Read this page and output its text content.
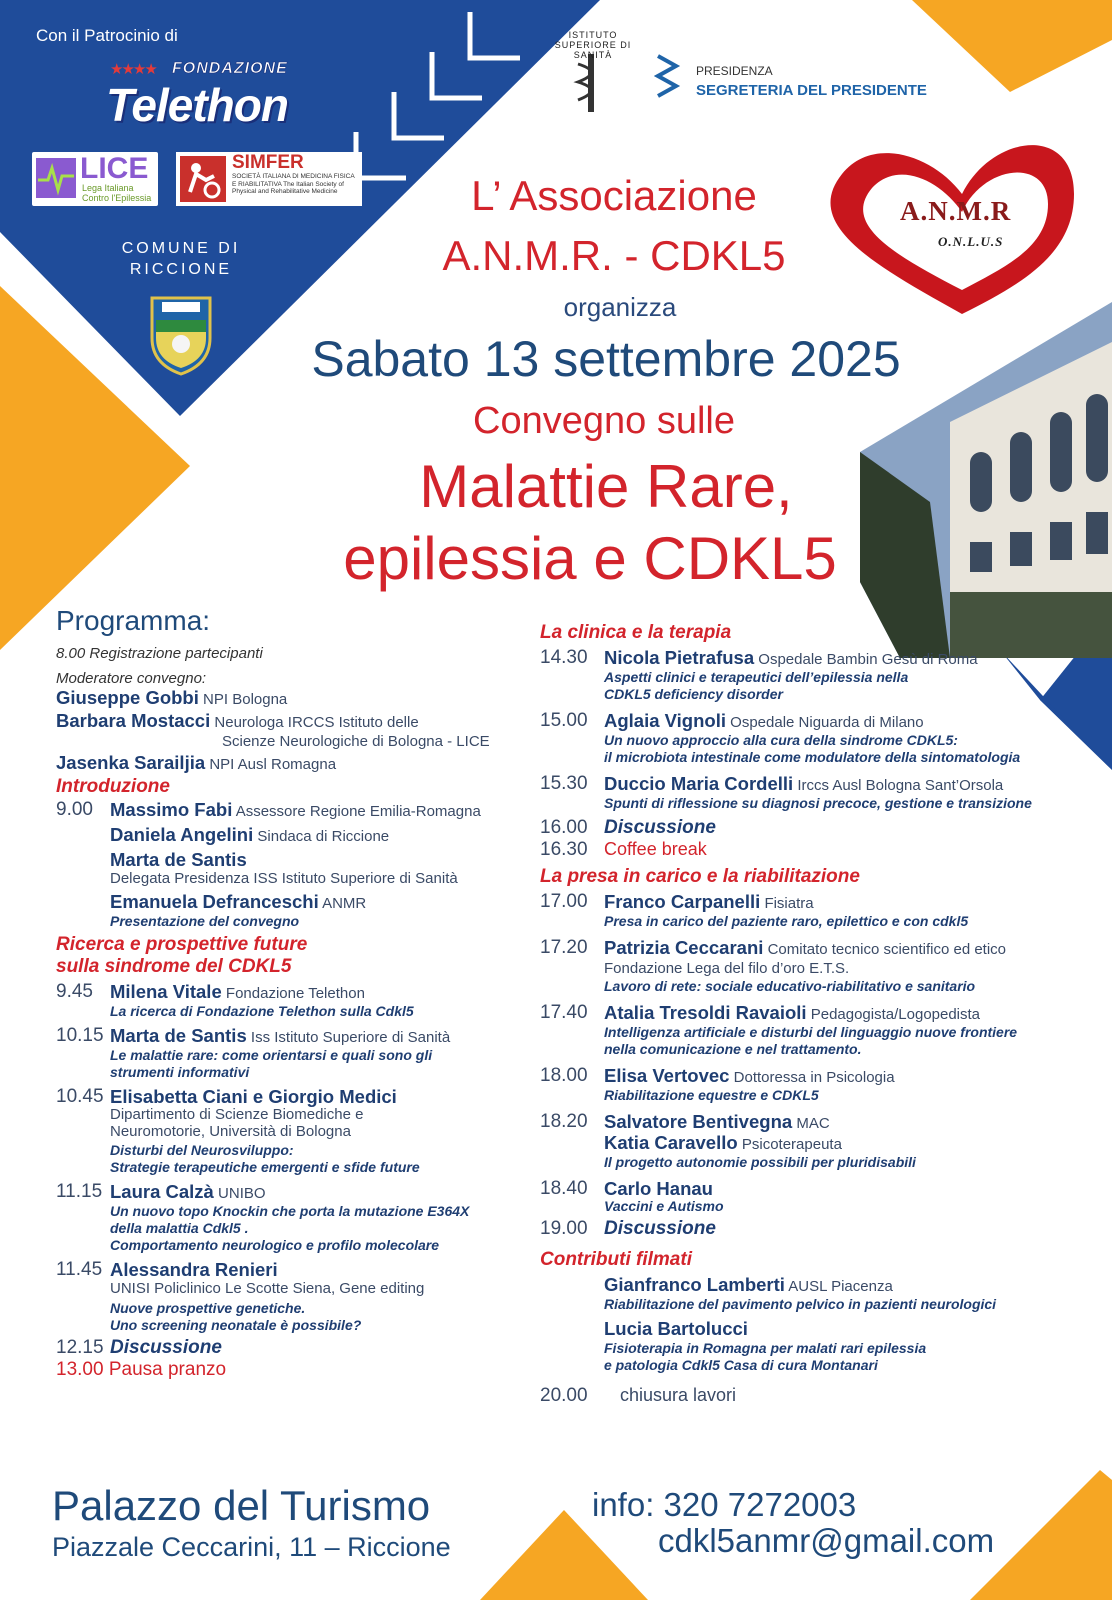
Con il Patrocinio di
★★★★ FONDAZIONE
Telethon
LICE
Lega Italiana Contro l'Epilessia
SIMFER
SOCIETÀ ITALIANA DI MEDICINA FISICA E RIABILITATIVA The Italian Society of Physical and Rehabilitative Medicine
COMUNE DI
RICCIONE
ISTITUTO SUPERIORE DI SANITÀ
PRESIDENZA
SEGRETERIA DEL PRESIDENTE
A.N.M.R
O.N.L.U.S
L’ Associazione
A.N.M.R. - CDKL5
organizza
Sabato 13 settembre 2025
Convegno sulle
Malattie Rare,
epilessia e CDKL5
Programma:
8.00 Registrazione partecipanti
Moderatore convegno:
Giuseppe Gobbi NPI Bologna
Barbara Mostacci Neurologa IRCCS Istituto delle
Scienze Neurologiche di Bologna - LICE
Jasenka Sarailjia NPI Ausl Romagna
Introduzione
9.00 Massimo Fabi Assessore Regione Emilia-Romagna
Daniela Angelini Sindaca di Riccione
Marta de Santis
Delegata Presidenza ISS Istituto Superiore di Sanità
Emanuela Defranceschi ANMR
Presentazione del convegno
Ricerca e prospettive future
sulla sindrome del CDKL5
9.45 Milena Vitale Fondazione Telethon
La ricerca di Fondazione Telethon sulla Cdkl5
10.15 Marta de Santis Iss Istituto Superiore di Sanità
Le malattie rare: come orientarsi e quali sono gli
strumenti informativi
10.45 Elisabetta Ciani e Giorgio Medici
Dipartimento di Scienze Biomediche e
Neuromotorie, Università di Bologna
Disturbi del Neurosviluppo:
Strategie terapeutiche emergenti e sfide future
11.15 Laura Calzà UNIBO
Un nuovo topo Knockin che porta la mutazione E364X
della malattia Cdkl5 .
Comportamento neurologico e profilo molecolare
11.45 Alessandra Renieri
UNISI Policlinico Le Scotte Siena, Gene editing
Nuove prospettive genetiche.
Uno screening neonatale è possibile?
12.15 Discussione
13.00 Pausa pranzo
La clinica e la terapia
14.30 Nicola Pietrafusa Ospedale Bambin Gesù di Roma
Aspetti clinici e terapeutici dell’epilessia nella
CDKL5 deficiency disorder
15.00 Aglaia Vignoli Ospedale Niguarda di Milano
Un nuovo approccio alla cura della sindrome CDKL5:
il microbiota intestinale come modulatore della sintomatologia
15.30 Duccio Maria Cordelli Irccs Ausl Bologna Sant’Orsola
Spunti di riflessione su diagnosi precoce, gestione e transizione
16.00 Discussione
16.30 Coffee break
La presa in carico e la riabilitazione
17.00 Franco Carpanelli Fisiatra
Presa in carico del paziente raro, epilettico e con cdkl5
17.20 Patrizia Ceccarani Comitato tecnico scientifico ed etico
Fondazione Lega del filo d’oro E.T.S.
Lavoro di rete: sociale educativo-riabilitativo e sanitario
17.40 Atalia Tresoldi Ravaioli Pedagogista/Logopedista
Intelligenza artificiale e disturbi del linguaggio nuove frontiere
nella comunicazione e nel trattamento.
18.00 Elisa Vertovec Dottoressa in Psicologia
Riabilitazione equestre e CDKL5
18.20 Salvatore Bentivegna MAC
Katia Caravello Psicoterapeuta
Il progetto autonomie possibili per pluridisabili
18.40 Carlo Hanau
Vaccini e Autismo
19.00 Discussione
Contributi filmati
Gianfranco Lamberti AUSL Piacenza
Riabilitazione del pavimento pelvico in pazienti neurologici
Lucia Bartolucci
Fisioterapia in Romagna per malati rari epilessia
e patologia Cdkl5 Casa di cura Montanari
20.00 chiusura lavori
Palazzo del Turismo
Piazzale Ceccarini, 11 – Riccione
info: 320 7272003
cdkl5anmr@gmail.com
